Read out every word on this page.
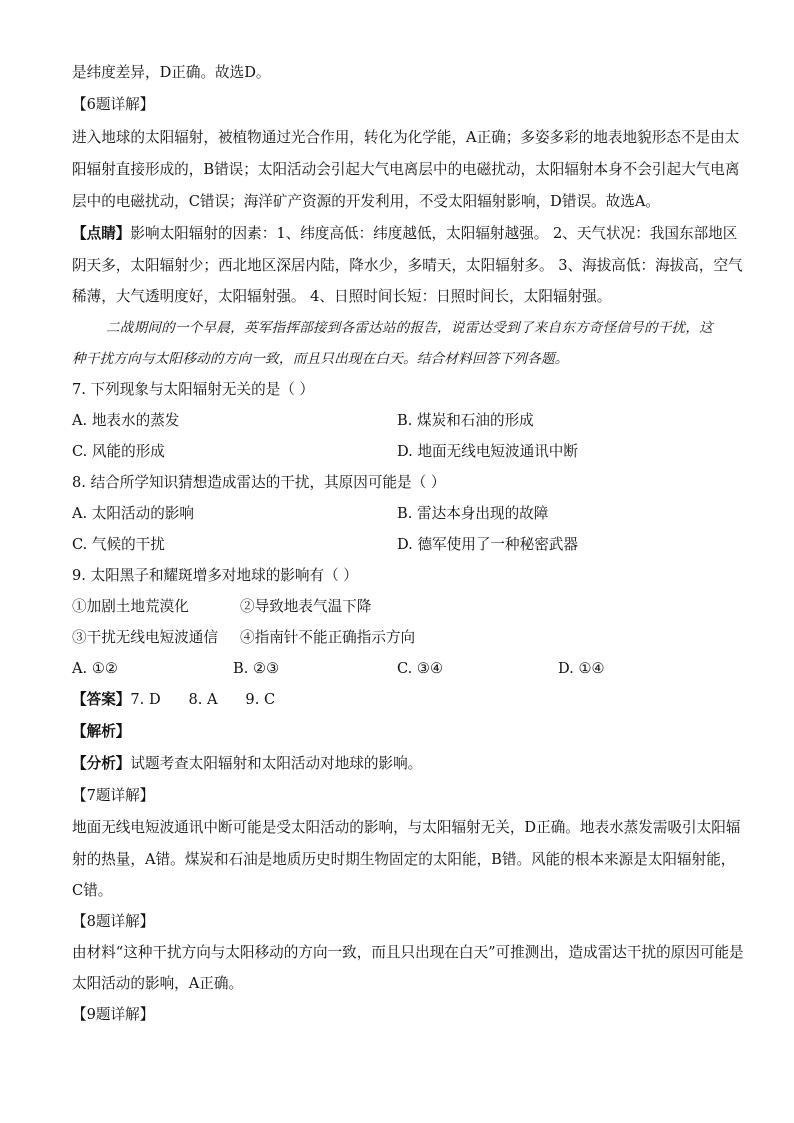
是纬度差异，D正确。故选D。
【6题详解】
进入地球的太阳辐射，被植物通过光合作用，转化为化学能，A正确；多姿多彩的地表地貌形态不是由太
阳辐射直接形成的，B错误；太阳活动会引起大气电离层中的电磁扰动，太阳辐射本身不会引起大气电离
层中的电磁扰动，C错误；海洋矿产资源的开发利用，不受太阳辐射影响，D错误。故选A。
【点睛】影响太阳辐射的因素：1、纬度高低：纬度越低，太阳辐射越强。 2、天气状况：我国东部地区
阴天多，太阳辐射少；西北地区深居内陆，降水少，多晴天，太阳辐射多。 3、海拔高低：海拔高，空气
稀薄，大气透明度好，太阳辐射强。 4、日照时间长短：日照时间长，太阳辐射强。
二战期间的一个早晨，英军指挥部接到各雷达站的报告，说雷达受到了来自东方奇怪信号的干扰，这
种干扰方向与太阳移动的方向一致，而且只出现在白天。结合材料回答下列各题。
7. 下列现象与太阳辐射无关的是（ ）
A. 地表水的蒸发	B. 煤炭和石油的形成
C. 风能的形成	D. 地面无线电短波通讯中断
8. 结合所学知识猜想造成雷达的干扰，其原因可能是（ ）
A. 太阳活动的影响	B. 雷达本身出现的故障
C. 气候的干扰	D. 德军使用了一种秘密武器
9. 太阳黑子和耀斑增多对地球的影响有（ ）
①加剧土地荒漠化	②导致地表气温下降
③干扰无线电短波通信 ④指南针不能正确指示方向
A. ①②	B. ②③	C. ③④	D. ①④
【答案】7. D      8. A      9. C
【解析】
【分析】试题考查太阳辐射和太阳活动对地球的影响。
【7题详解】
地面无线电短波通讯中断可能是受太阳活动的影响，与太阳辐射无关，D正确。地表水蒸发需吸引太阳辐
射的热量，A错。煤炭和石油是地质历史时期生物固定的太阳能，B错。风能的根本来源是太阳辐射能，
C错。
【8题详解】
由材料“这种干扰方向与太阳移动的方向一致，而且只出现在白天”可推测出，造成雷达干扰的原因可能是
太阳活动的影响，A正确。
【9题详解】
